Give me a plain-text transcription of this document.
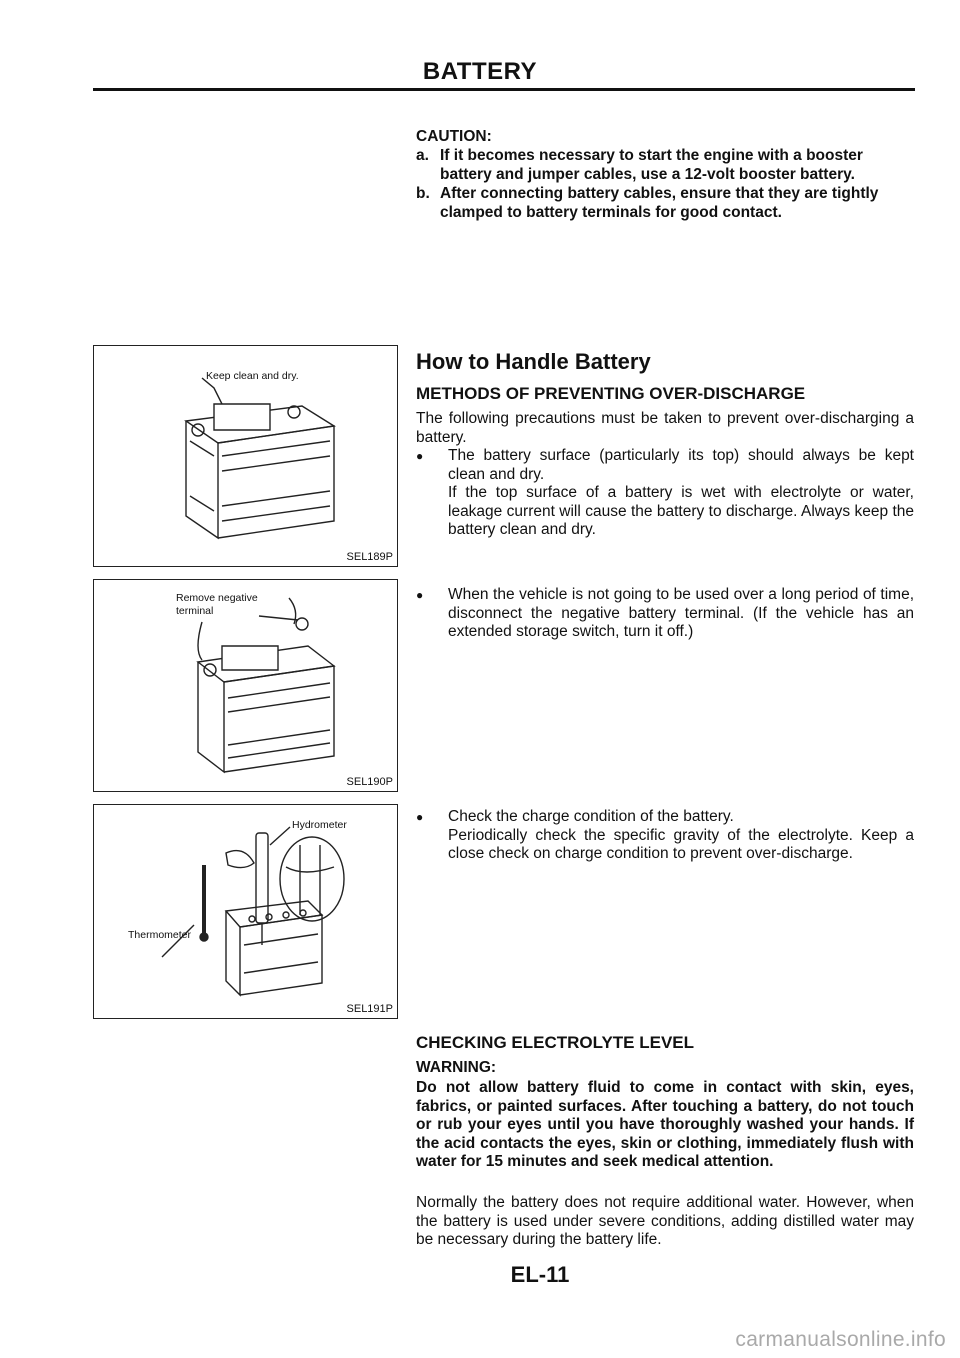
BATTERY
CAUTION:
a. If it becomes necessary to start the engine with a booster battery and jumper cables, use a 12-volt booster battery.
b. After connecting battery cables, ensure that they are tightly clamped to battery terminals for good contact.
How to Handle Battery
METHODS OF PREVENTING OVER-DISCHARGE
The following precautions must be taken to prevent over-discharging a battery.
●	The battery surface (particularly its top) should always be kept clean and dry.
If the top surface of a battery is wet with electrolyte or water, leakage current will cause the battery to discharge. Always keep the battery clean and dry.
●	When the vehicle is not going to be used over a long period of time, disconnect the negative battery terminal. (If the vehicle has an extended storage switch, turn it off.)
●	Check the charge condition of the battery.
Periodically check the specific gravity of the electrolyte. Keep a close check on charge condition to prevent over-discharge.
Keep clean and dry.
SEL189P
Remove negative
terminal
SEL190P
Hydrometer
Thermometer
SEL191P
CHECKING ELECTROLYTE LEVEL
WARNING:
Do not allow battery fluid to come in contact with skin, eyes, fabrics, or painted surfaces. After touching a battery, do not touch or rub your eyes until you have thoroughly washed your hands. If the acid contacts the eyes, skin or clothing, immediately flush with water for 15 minutes and seek medical attention.
Normally the battery does not require additional water. However, when the battery is used under severe conditions, adding distilled water may be necessary during the battery life.
EL-11
carmanualsonline.info
